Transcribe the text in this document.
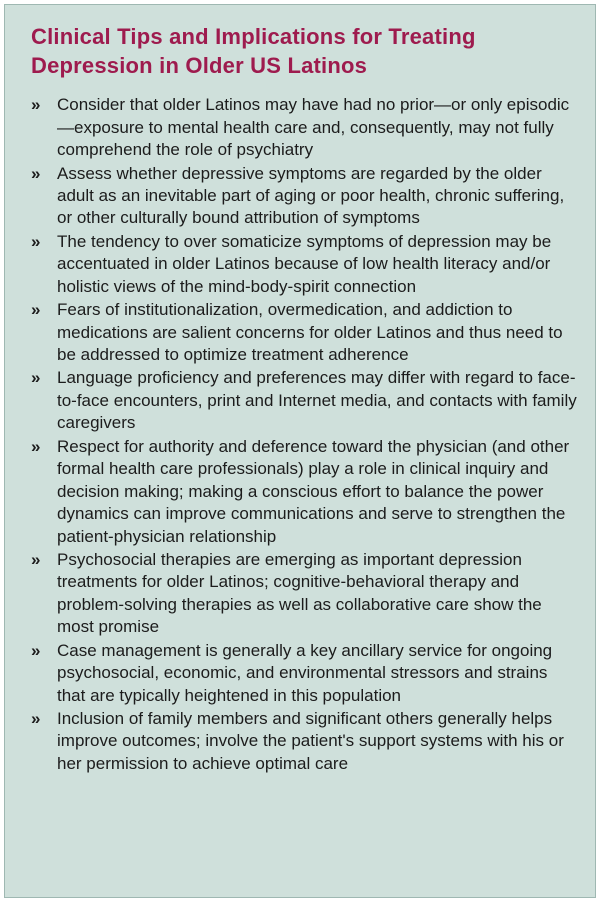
Clinical Tips and Implications for Treating Depression in Older US Latinos
»	Consider that older Latinos may have had no prior—or only episodic—exposure to mental health care and, consequently, may not fully comprehend the role of psychiatry
»	Assess whether depressive symptoms are regarded by the older adult as an inevitable part of aging or poor health, chronic suffering, or other culturally bound attribution of symptoms
»	The tendency to over somaticize symptoms of depression may be accentuated in older Latinos because of low health literacy and/or holistic views of the mind-body-spirit connection
»	Fears of institutionalization, overmedication, and addiction to medications are salient concerns for older Latinos and thus need to be addressed to optimize treatment adherence
»	Language proficiency and preferences may differ with regard to face-to-face encounters, print and Internet media, and contacts with family caregivers
»	Respect for authority and deference toward the physician (and other formal health care professionals) play a role in clinical inquiry and decision making; making a conscious effort to balance the power dynamics can improve communications and serve to strengthen the patient-physician relationship
»	Psychosocial therapies are emerging as important depression treatments for older Latinos; cognitive-behavioral therapy and problem-solving therapies as well as collaborative care show the most promise
»	Case management is generally a key ancillary service for ongoing psychosocial, economic, and environmental stressors and strains that are typically heightened in this population
»	Inclusion of family members and significant others generally helps improve outcomes; involve the patient's support systems with his or her permission to achieve optimal care
